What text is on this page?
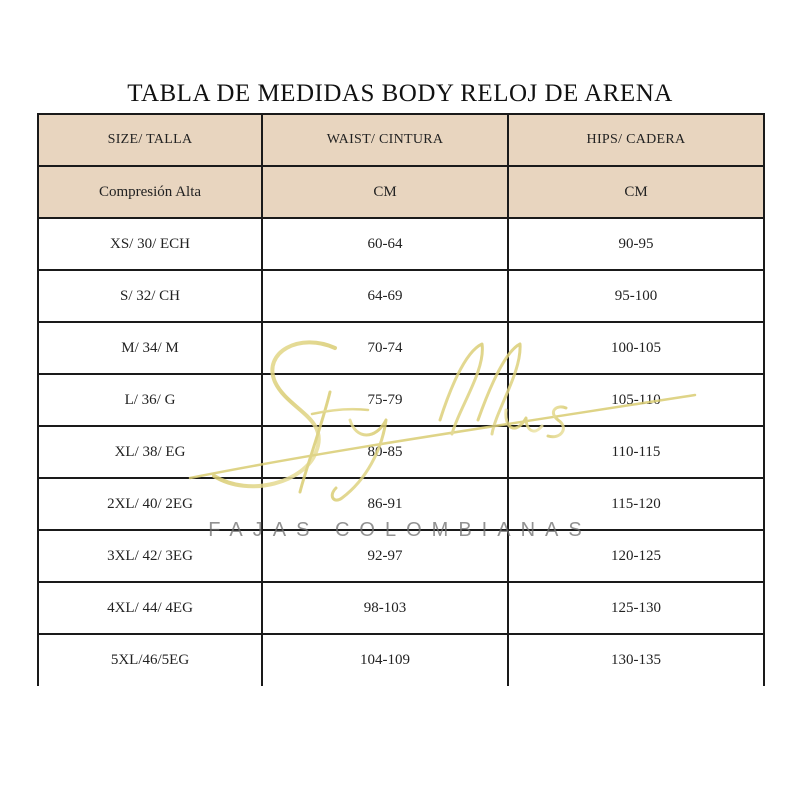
TABLA DE MEDIDAS BODY RELOJ DE ARENA
SIZE/ TALLA	WAIST/ CINTURA	HIPS/ CADERA
Compresión Alta	CM	CM
XS/ 30/ ECH	60-64	90-95
S/ 32/ CH	64-69	95-100
M/ 34/ M	70-74	100-105
L/ 36/ G	75-79	105-110
XL/ 38/ EG	80-85	110-115
2XL/ 40/ 2EG	86-91	115-120
3XL/ 42/ 3EG	92-97	120-125
4XL/ 44/ 4EG	98-103	125-130
5XL/46/5EG	104-109	130-135
FAJAS COLOMBIANAS
